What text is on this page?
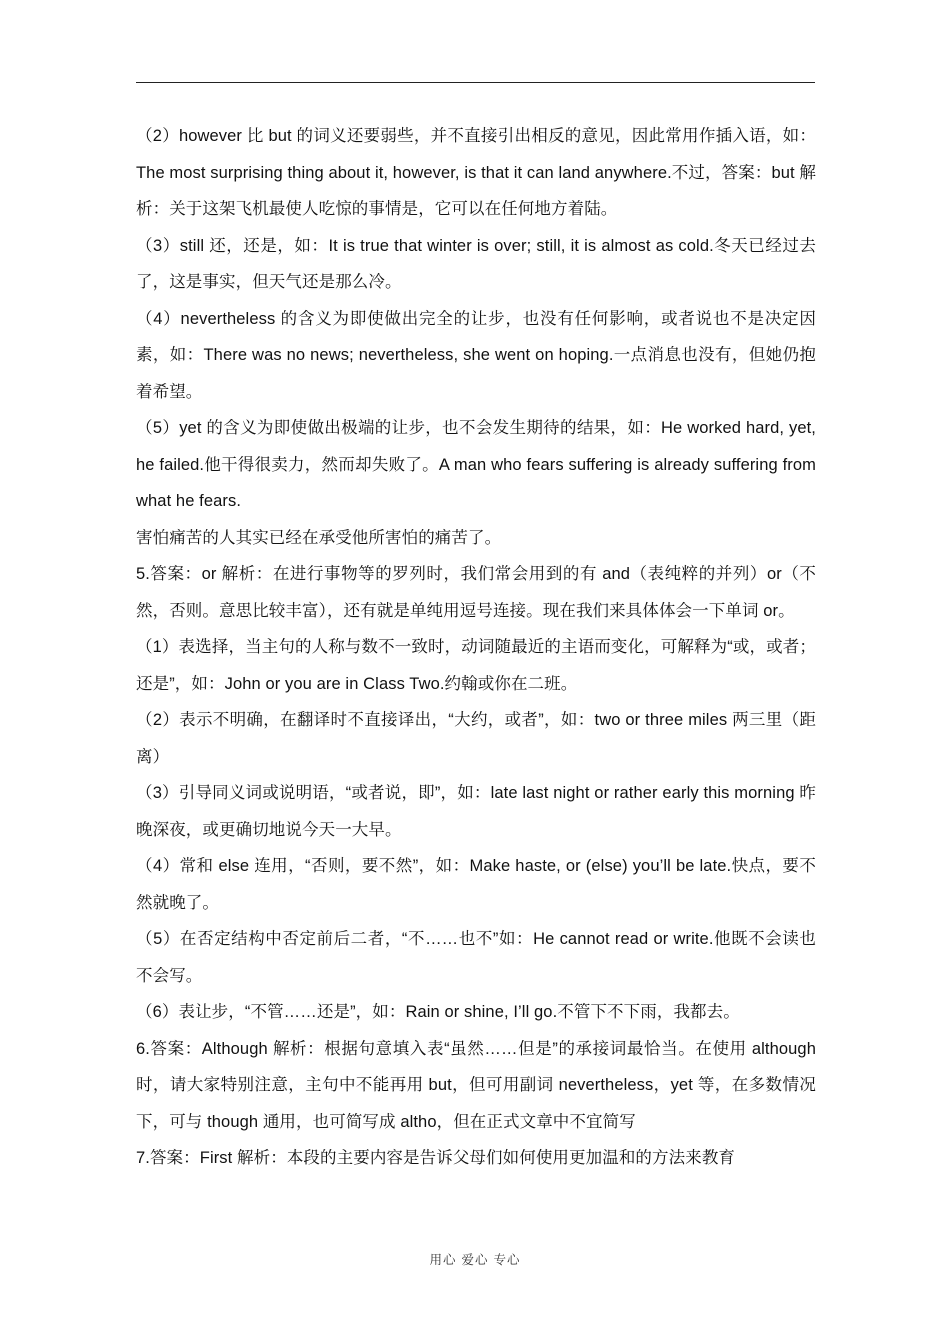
（2）however 比 but 的词义还要弱些，并不直接引出相反的意见，因此常用作插入语，如：The most surprising thing about it, however, is that it can land anywhere.不过，答案：but 解析：关于这架飞机最使人吃惊的事情是，它可以在任何地方着陆。

（3）still 还，还是，如：It is true that winter is over; still, it is almost as cold.冬天已经过去了，这是事实，但天气还是那么冷。

（4）nevertheless 的含义为即使做出完全的让步，也没有任何影响，或者说也不是决定因素，如：There was no news; nevertheless, she went on hoping.一点消息也没有，但她仍抱着希望。

（5）yet 的含义为即使做出极端的让步，也不会发生期待的结果，如：He worked hard, yet, he failed.他干得很卖力，然而却失败了。A man who fears suffering is already suffering from what he fears.

害怕痛苦的人其实已经在承受他所害怕的痛苦了。

5.答案：or 解析：在进行事物等的罗列时，我们常会用到的有 and（表纯粹的并列）or（不然，否则。意思比较丰富），还有就是单纯用逗号连接。现在我们来具体体会一下单词 or。

（1）表选择，当主句的人称与数不一致时，动词随最近的主语而变化，可解释为“或，或者；还是”，如：John or you are in Class Two.约翰或你在二班。

（2）表示不明确，在翻译时不直接译出，“大约，或者”，如：two or three miles 两三里（距离）

（3）引导同义词或说明语，“或者说，即”，如：late last night or rather early this morning 昨晚深夜，或更确切地说今天一大早。

（4）常和 else 连用，“否则，要不然”，如：Make haste, or (else) you’ll be late.快点，要不然就晚了。

（5）在否定结构中否定前后二者，“不……也不”如：He cannot read or write.他既不会读也不会写。

（6）表让步，“不管……还是”，如：Rain or shine, I’ll go.不管下不下雨，我都去。

6.答案：Although 解析：根据句意填入表“虽然……但是”的承接词最恰当。在使用 although 时，请大家特别注意，主句中不能再用 but，但可用副词 nevertheless，yet 等，在多数情况下，可与 though 通用，也可简写成 altho，但在正式文章中不宜简写

7.答案：First 解析：本段的主要内容是告诉父母们如何使用更加温和的方法来教育

用心 爱心 专心
